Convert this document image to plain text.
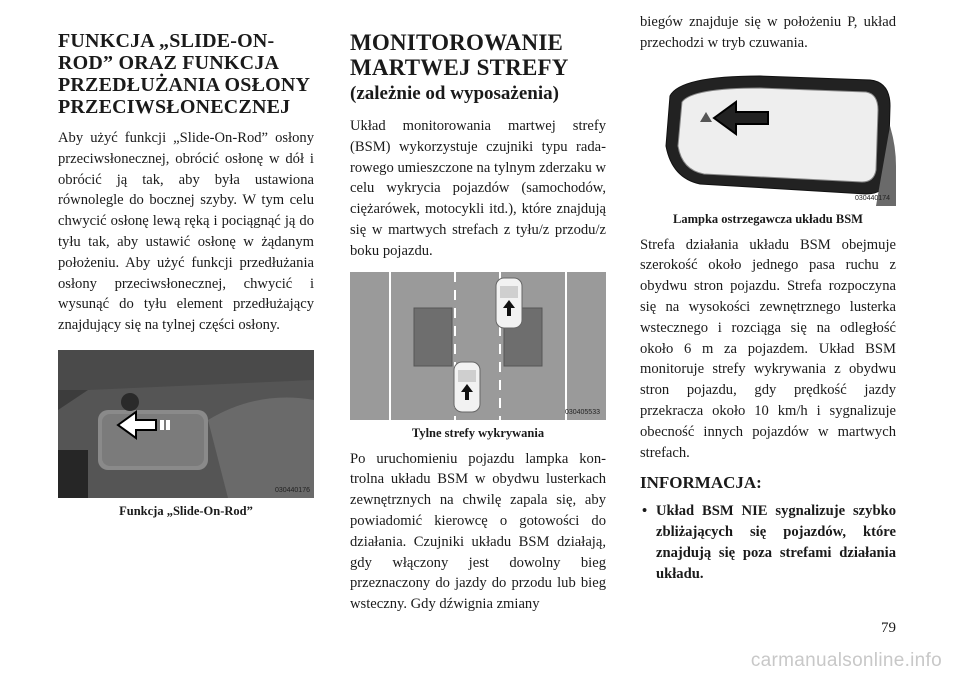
FUNKCJA „SLIDE-ON-ROD” ORAZ FUNKCJA PRZEDŁUŻANIA OSŁONY PRZECIWSŁONECZNEJ

Aby użyć funkcji „Slide-On-Rod” osłony przeciwsłonecznej, obrócić osłonę w dół i obrócić ją tak, aby była ustawiona równolegle do bocznej szyby. W tym celu chwycić osłonę lewą ręką i pociągnąć ją do tyłu tak, aby ustawić osłonę w żądanym położeniu. Aby użyć funkcji przedłużania osłony przeciwsłonecznej, chwycić i wysunąć do tyłu element przedłużający znajdujący się na tylnej części osłony.

030440176
Funkcja „Slide-On-Rod”
MONITOROWANIE MARTWEJ STREFY
(zależnie od wyposażenia)

Układ monitorowania martwej strefy (BSM) wykorzystuje czujniki typu radarowego umieszczone na tylnym zderzaku w celu wykrycia pojazdów (samochodów, ciężarówek, motocykli itd.), które znajdują się w martwych strefach z tyłu/z przodu/z boku pojazdu.

030405533
Tylne strefy wykrywania

Po uruchomieniu pojazdu lampka kontrolna układu BSM w obydwu lusterkach zewnętrznych na chwilę zapala się, aby powiadomić kierowcę o gotowości do działania. Czujniki układu BSM działają, gdy włączony jest dowolny bieg przeznaczony do jazdy do przodu lub bieg wsteczny. Gdy dźwignia zmiany

biegów znajduje się w położeniu P, układ przechodzi w tryb czuwania.

030440174
Lampka ostrzegawcza układu BSM

Strefa działania układu BSM obejmuje szerokość około jednego pasa ruchu z obydwu stron pojazdu. Strefa rozpoczyna się na wysokości zewnętrznego lusterka wstecznego i rozciąga się na odległość około 6 m za pojazdem. Układ BSM monitoruje strefy wykrywania z obydwu stron pojazdu, gdy prędkość jazdy przekracza około 10 km/h i sygnalizuje obecność innych pojazdów w martwych strefach.

INFORMACJA:
• Układ BSM NIE sygnalizuje szybko zbliżających się pojazdów, które znajdują się poza strefami działania układu.
79
carmanualsonline.info
